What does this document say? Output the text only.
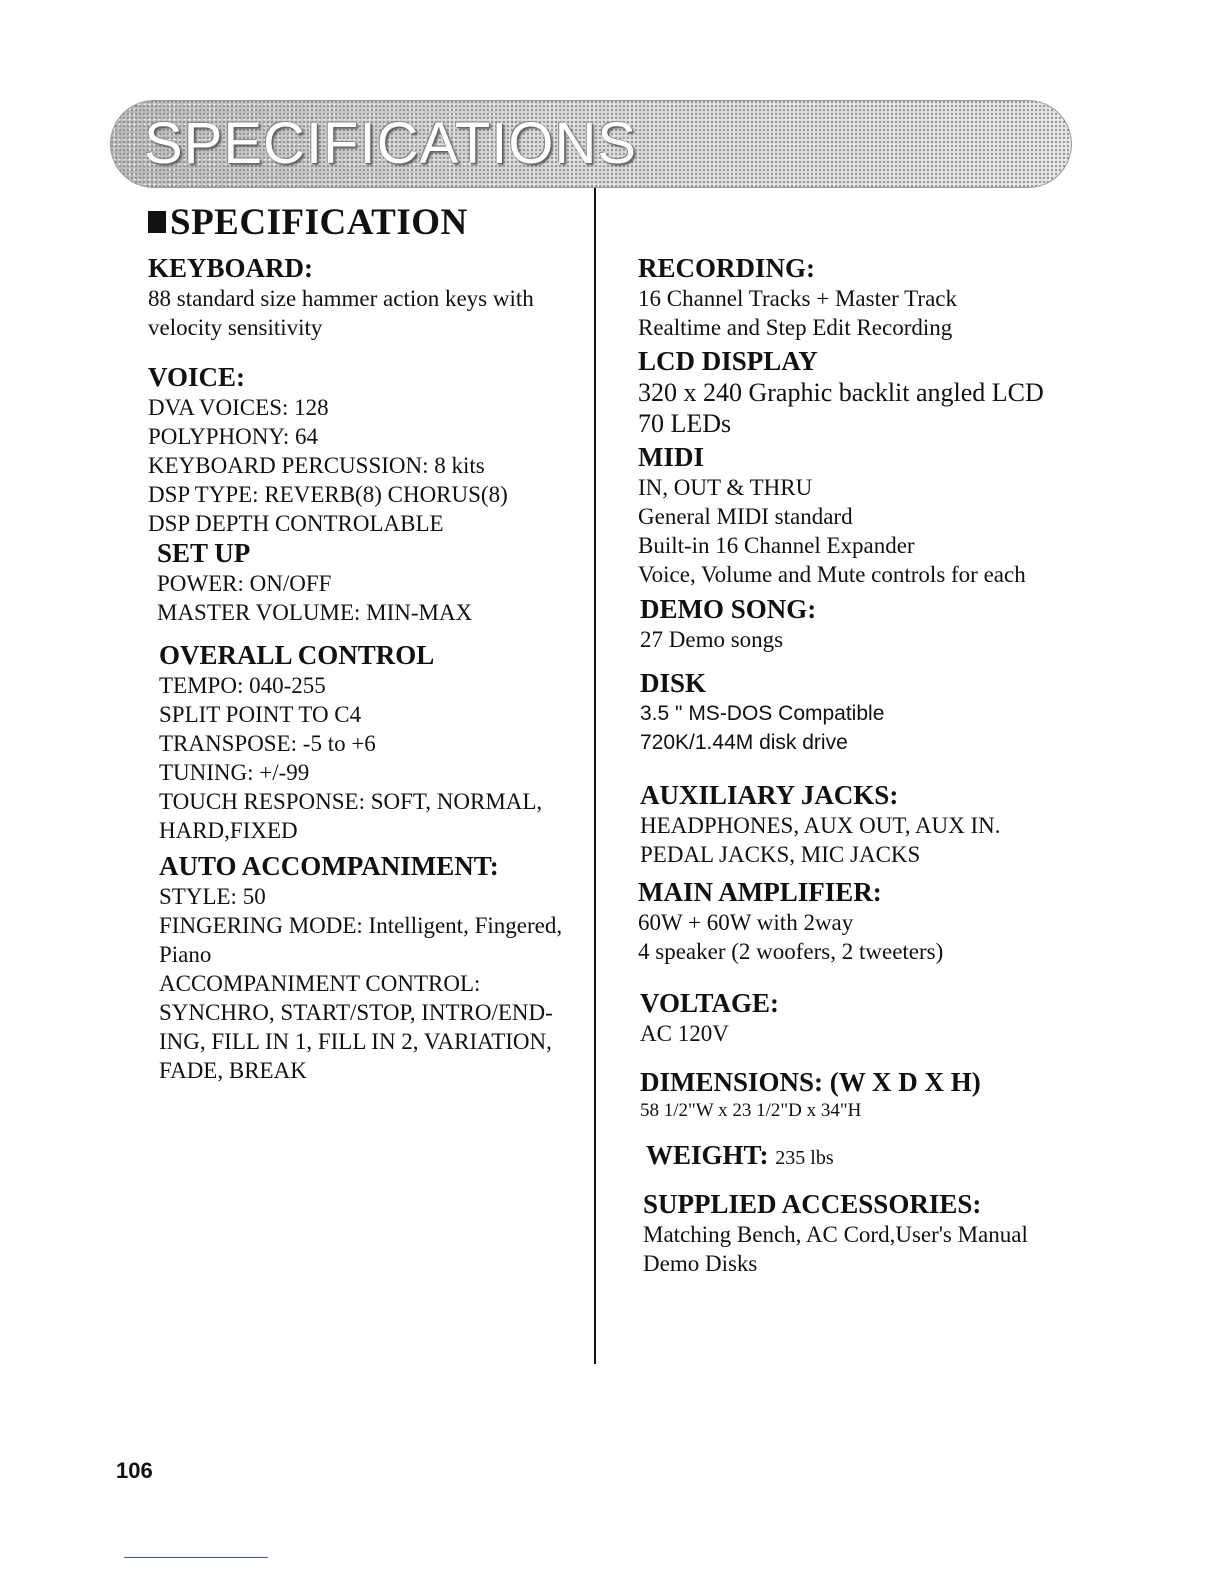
SPECIFICATIONS
SPECIFICATION
KEYBOARD:

88 standard size hammer action keys with

velocity sensitivity

VOICE:

DVA VOICES: 128

POLYPHONY: 64

KEYBOARD PERCUSSION: 8 kits

DSP TYPE: REVERB(8) CHORUS(8)

DSP DEPTH CONTROLABLE

SET UP

POWER: ON/OFF

MASTER VOLUME: MIN-MAX

OVERALL CONTROL

TEMPO: 040-255

SPLIT POINT TO C4

TRANSPOSE: -5 to +6

TUNING: +/-99

TOUCH RESPONSE: SOFT, NORMAL,

HARD,FIXED

AUTO ACCOMPANIMENT:

STYLE: 50

FINGERING MODE: Intelligent, Fingered,

Piano

ACCOMPANIMENT CONTROL:

SYNCHRO, START/STOP, INTRO/END-

ING, FILL IN 1, FILL IN 2, VARIATION,

FADE, BREAK

RECORDING:

16 Channel Tracks + Master Track

Realtime and Step Edit Recording

LCD DISPLAY

320 x 240 Graphic backlit angled LCD

70 LEDs

MIDI

IN, OUT & THRU

General MIDI standard

Built-in 16 Channel Expander

Voice, Volume and Mute controls for each

DEMO SONG:

27 Demo songs

DISK

3.5 " MS-DOS Compatible

720K/1.44M disk drive

AUXILIARY JACKS:

HEADPHONES, AUX OUT, AUX IN.

PEDAL JACKS, MIC JACKS

MAIN AMPLIFIER:

60W + 60W with 2way

4 speaker (2 woofers, 2 tweeters)

VOLTAGE:

AC 120V

DIMENSIONS: (W X D X H)

58 1/2"W x 23 1/2"D x 34"H

WEIGHT: 235 lbs
SUPPLIED ACCESSORIES:

Matching Bench, AC Cord,User's Manual

Demo Disks

106
